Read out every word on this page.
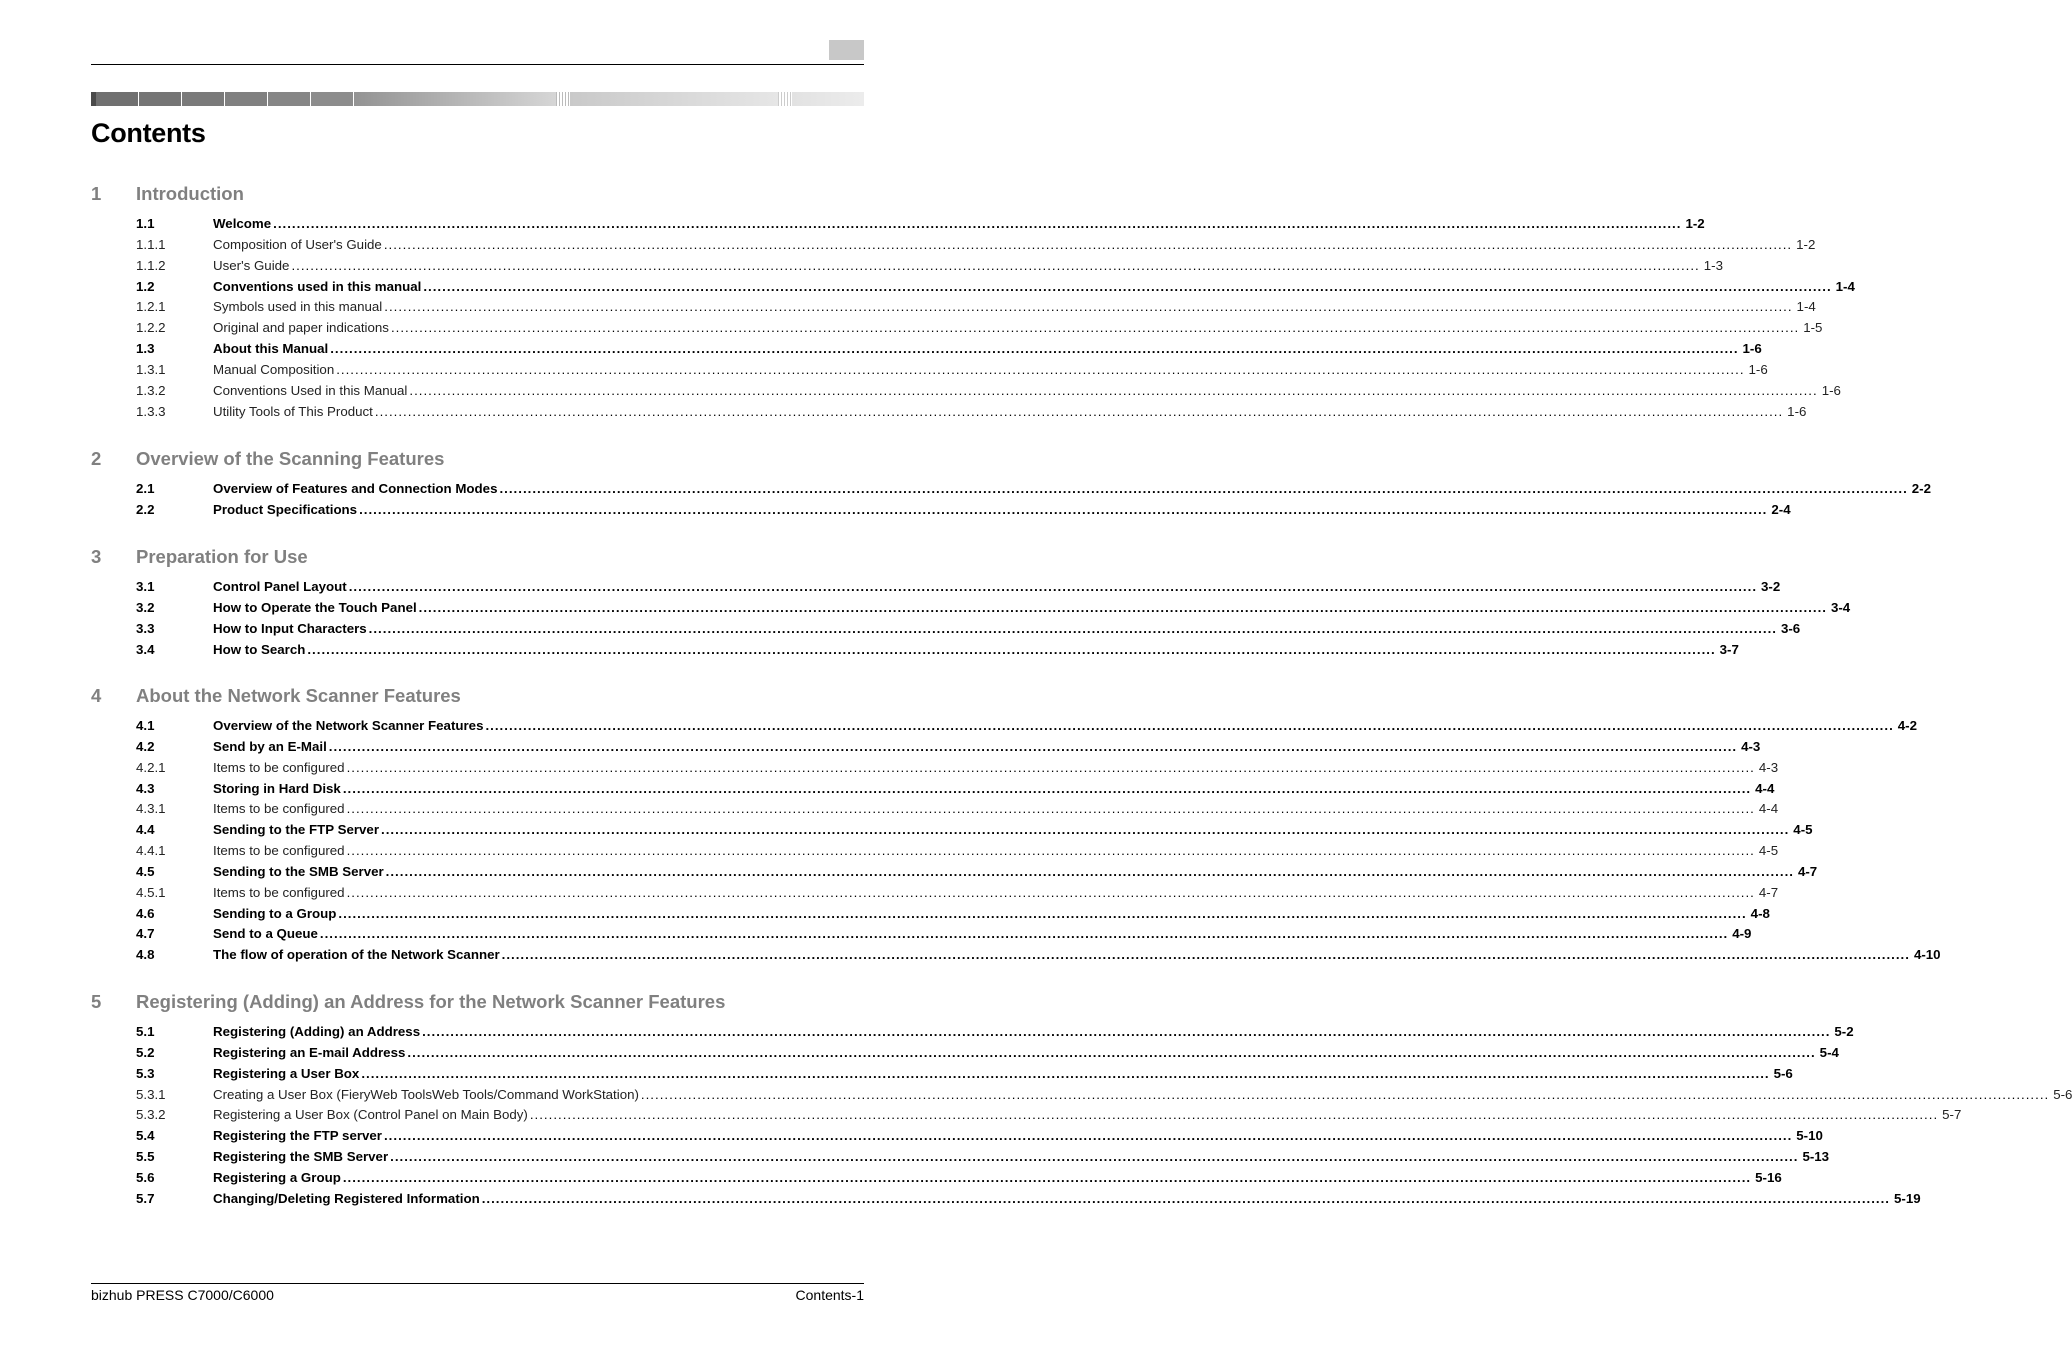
Contents
1	Introduction
1.1	Welcome ............................................................................................................................................................................................................................................................................................................ 1-2
1.1.1	Composition of User's Guide ............................................................................................................................................................................................................................................................................................................ 1-2
1.1.2	User's Guide ............................................................................................................................................................................................................................................................................................................ 1-3
1.2	Conventions used in this manual ............................................................................................................................................................................................................................................................................................................ 1-4
1.2.1	Symbols used in this manual ............................................................................................................................................................................................................................................................................................................ 1-4
1.2.2	Original and paper indications ............................................................................................................................................................................................................................................................................................................ 1-5
1.3	About this Manual ............................................................................................................................................................................................................................................................................................................ 1-6
1.3.1	Manual Composition ............................................................................................................................................................................................................................................................................................................ 1-6
1.3.2	Conventions Used in this Manual ............................................................................................................................................................................................................................................................................................................ 1-6
1.3.3	Utility Tools of This Product ............................................................................................................................................................................................................................................................................................................ 1-6
2	Overview of the Scanning Features
2.1	Overview of Features and Connection Modes ............................................................................................................................................................................................................................................................................................................ 2-2
2.2	Product Specifications ............................................................................................................................................................................................................................................................................................................ 2-4
3	Preparation for Use
3.1	Control Panel Layout ............................................................................................................................................................................................................................................................................................................ 3-2
3.2	How to Operate the Touch Panel ............................................................................................................................................................................................................................................................................................................ 3-4
3.3	How to Input Characters ............................................................................................................................................................................................................................................................................................................ 3-6
3.4	How to Search ............................................................................................................................................................................................................................................................................................................ 3-7
4	About the Network Scanner Features
4.1	Overview of the Network Scanner Features ............................................................................................................................................................................................................................................................................................................ 4-2
4.2	Send by an E-Mail ............................................................................................................................................................................................................................................................................................................ 4-3
4.2.1	Items to be configured ............................................................................................................................................................................................................................................................................................................ 4-3
4.3	Storing in Hard Disk ............................................................................................................................................................................................................................................................................................................ 4-4
4.3.1	Items to be configured ............................................................................................................................................................................................................................................................................................................ 4-4
4.4	Sending to the FTP Server ............................................................................................................................................................................................................................................................................................................ 4-5
4.4.1	Items to be configured ............................................................................................................................................................................................................................................................................................................ 4-5
4.5	Sending to the SMB Server ............................................................................................................................................................................................................................................................................................................ 4-7
4.5.1	Items to be configured ............................................................................................................................................................................................................................................................................................................ 4-7
4.6	Sending to a Group ............................................................................................................................................................................................................................................................................................................ 4-8
4.7	Send to a Queue ............................................................................................................................................................................................................................................................................................................ 4-9
4.8	The flow of operation of the Network Scanner ............................................................................................................................................................................................................................................................................................................ 4-10
5	Registering (Adding) an Address for the Network Scanner Features
5.1	Registering (Adding) an Address ............................................................................................................................................................................................................................................................................................................ 5-2
5.2	Registering an E-mail Address ............................................................................................................................................................................................................................................................................................................ 5-4
5.3	Registering a User Box ............................................................................................................................................................................................................................................................................................................ 5-6
5.3.1	Creating a User Box (FieryWeb ToolsWeb Tools/Command WorkStation) ............................................................................................................................................................................................................................................................................................................ 5-6
5.3.2	Registering a User Box (Control Panel on Main Body) ............................................................................................................................................................................................................................................................................................................ 5-7
5.4	Registering the FTP server ............................................................................................................................................................................................................................................................................................................ 5-10
5.5	Registering the SMB Server ............................................................................................................................................................................................................................................................................................................ 5-13
5.6	Registering a Group ............................................................................................................................................................................................................................................................................................................ 5-16
5.7	Changing/Deleting Registered Information ............................................................................................................................................................................................................................................................................................................ 5-19
bizhub PRESS C7000/C6000	Contents-1
